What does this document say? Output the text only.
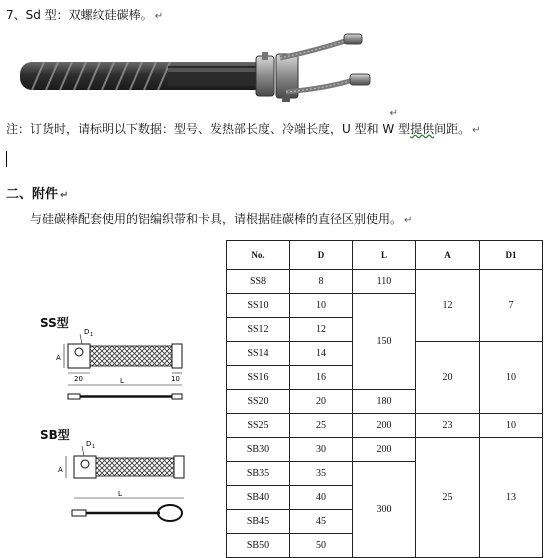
7、Sd 型：双螺纹硅碳棒。 ↵
↵
注：订货时，请标明以下数据：型号、发热部长度、冷端长度，U 型和 W 型提供间距。 ↵
二、附件 ↵
与硅碳棒配套使用的铝编织带和卡具，请根据硅碳棒的直径区别使用。 ↵
SS型
D 1
A
20	10
L
SB型
D 1
A
L
No.	D	L	A	D1
SS8	8	110	12	7
SS10	10	150		
SS12	12			
SS14	14		20	10
SS16	16			
SS20	20	180		
SS25	25	200	23	10
SB30	30	200	25	13
SB35	35	300		
SB40	40			
SB45	45			
SB50	50			
